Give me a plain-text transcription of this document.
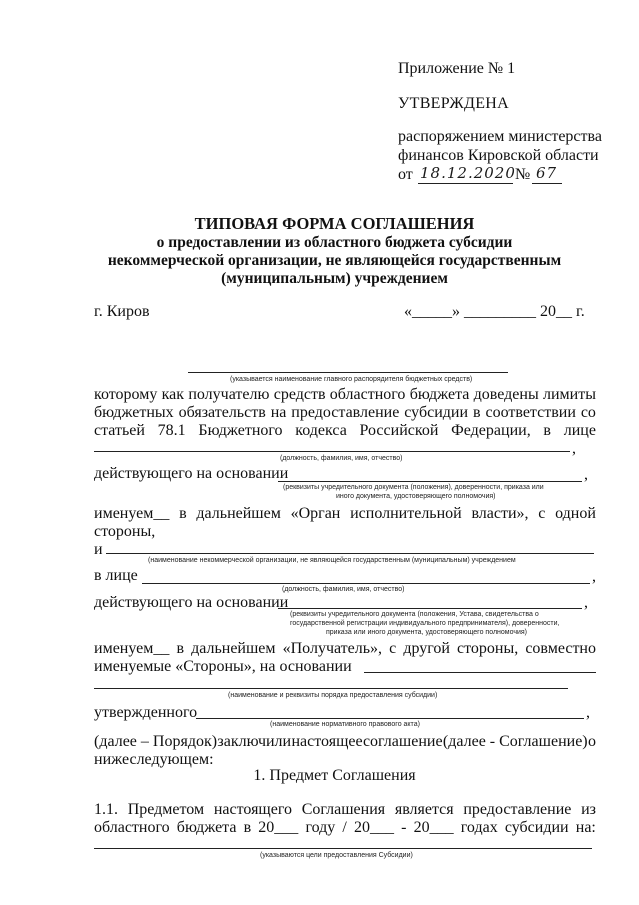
Приложение № 1
УТВЕРЖДЕНА
распоряжением министерства
финансов Кировской области
от 18.12.2020 № 67
ТИПОВАЯ ФОРМА СОГЛАШЕНИЯ
о предоставлении из областного бюджета субсидии
некоммерческой организации, не являющейся государственным
(муниципальным) учреждением
г. Киров	«_____» _________ 20__ г.
(указывается наименование главного распорядителя бюджетных средств)
которому как получателю средств областного бюджета доведены лимиты
бюджетных обязательств на предоставление субсидии в соответствии со
статьей 78.1 Бюджетного кодекса Российской Федерации, в лице
,
(должность, фамилия, имя, отчество)
действующего на основании	,
(реквизиты учредительного документа (положения), доверенности, приказа или
иного документа, удостоверяющего полномочия)
именуем__ в дальнейшем «Орган исполнительной власти», с одной
стороны,
и
(наименование некоммерческой организации, не являющейся государственным (муниципальным) учреждением
в лице	,
(должность, фамилия, имя, отчество)
действующего на основании	,
(реквизиты учредительного документа (положения, Устава, свидетельства о
государственной регистрации индивидуального предпринимателя), доверенности,
приказа или иного документа, удостоверяющего полномочия)
именуем__ в дальнейшем «Получатель», с другой стороны, совместно
именуемые «Стороны», на основании
(наименование и реквизиты порядка предоставления субсидии)
утвержденного	,
(наименование нормативного правового акта)
(далее – Порядок) заключили настоящее соглашение (далее - Соглашение) о
нижеследующем:
1. Предмет Соглашения
1.1. Предметом настоящего Соглашения является предоставление из
областного бюджета в 20___ году / 20___ - 20___ годах субсидии на:
(указываются цели предоставления Субсидии)
